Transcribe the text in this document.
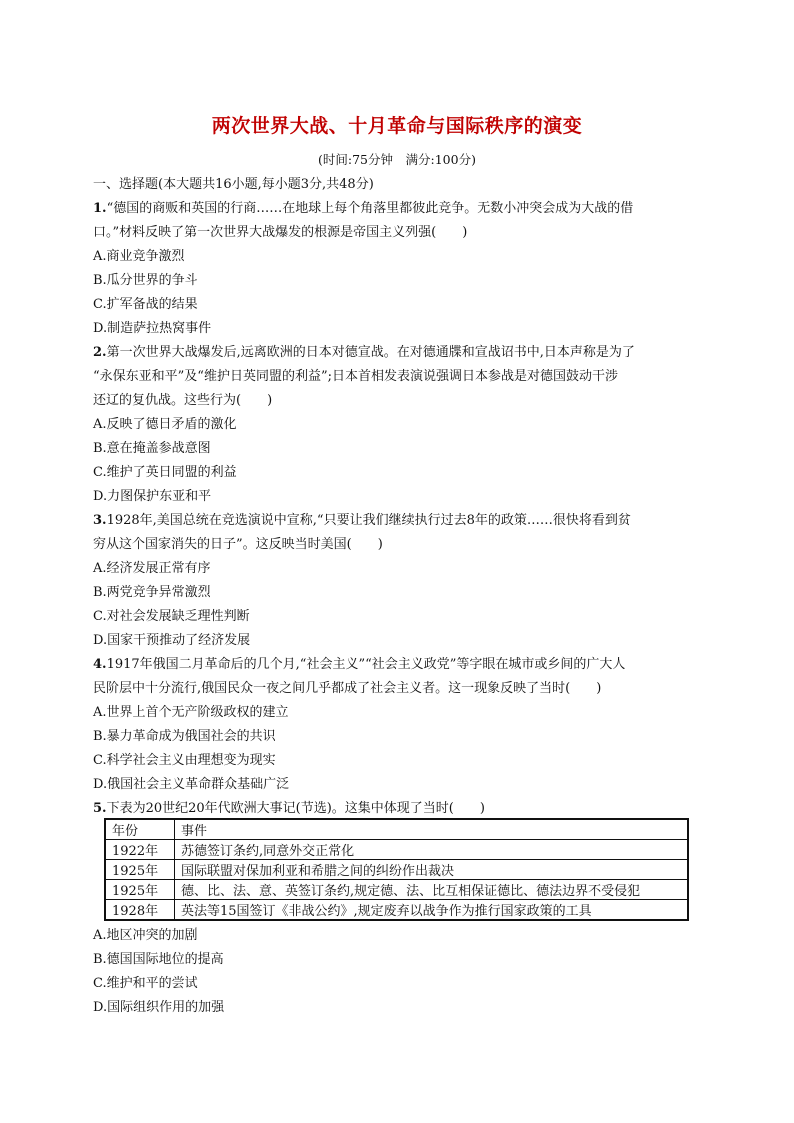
两次世界大战、十月革命与国际秩序的演变
(时间:75分钟　满分:100分)
一、选择题(本大题共16小题,每小题3分,共48分)
1.“德国的商贩和英国的行商……在地球上每个角落里都彼此竞争。无数小冲突会成为大战的借
口。”材料反映了第一次世界大战爆发的根源是帝国主义列强(　　)
A.商业竞争激烈
B.瓜分世界的争斗
C.扩军备战的结果
D.制造萨拉热窝事件
2.第一次世界大战爆发后,远离欧洲的日本对德宣战。在对德通牒和宣战诏书中,日本声称是为了
“永保东亚和平”及“维护日英同盟的利益”;日本首相发表演说强调日本参战是对德国鼓动干涉
还辽的复仇战。这些行为(　　)
A.反映了德日矛盾的激化
B.意在掩盖参战意图
C.维护了英日同盟的利益
D.力图保护东亚和平
3.1928年,美国总统在竞选演说中宣称,“只要让我们继续执行过去8年的政策……很快将看到贫
穷从这个国家消失的日子”。这反映当时美国(　　)
A.经济发展正常有序
B.两党竞争异常激烈
C.对社会发展缺乏理性判断
D.国家干预推动了经济发展
4.1917年俄国二月革命后的几个月,“社会主义”“社会主义政党”等字眼在城市或乡间的广大人
民阶层中十分流行,俄国民众一夜之间几乎都成了社会主义者。这一现象反映了当时(　　)
A.世界上首个无产阶级政权的建立
B.暴力革命成为俄国社会的共识
C.科学社会主义由理想变为现实
D.俄国社会主义革命群众基础广泛
5.下表为20世纪20年代欧洲大事记(节选)。这集中体现了当时(　　)
年份	事件
1922年	苏德签订条约,同意外交正常化
1925年	国际联盟对保加利亚和希腊之间的纠纷作出裁决
1925年	德、比、法、意、英签订条约,规定德、法、比互相保证德比、德法边界不受侵犯
1928年	英法等15国签订《非战公约》,规定废弃以战争作为推行国家政策的工具
A.地区冲突的加剧
B.德国国际地位的提高
C.维护和平的尝试
D.国际组织作用的加强
